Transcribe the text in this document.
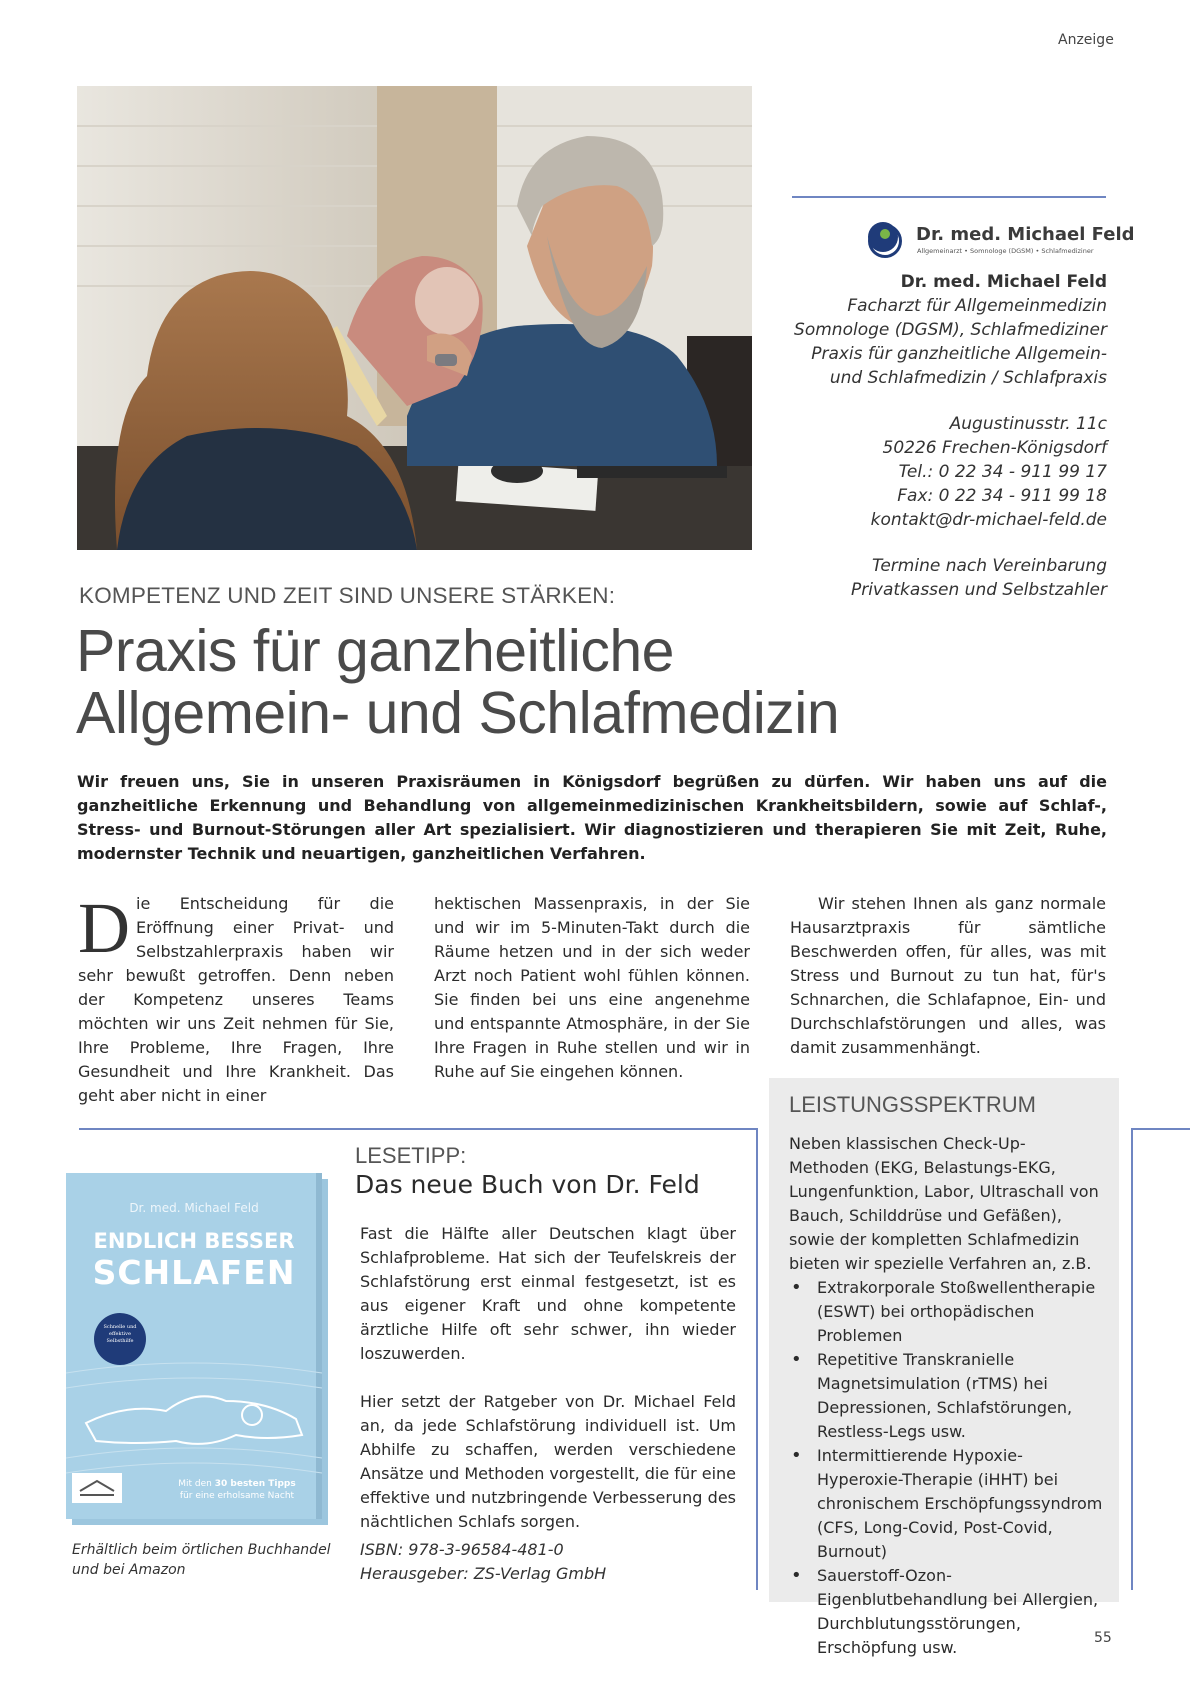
Anzeige
Dr. med. Michael Feld
Allgemeinarzt • Somnologe (DGSM) • Schlafmediziner
Dr. med. Michael Feld
Facharzt für Allgemeinmedizin
Somnologe (DGSM), Schlafmediziner
Praxis für ganzheitliche Allgemein-
und Schlafmedizin / Schlafpraxis
Augustinusstr. 11c
50226 Frechen-Königsdorf
Tel.: 0 22 34 - 911 99 17
Fax: 0 22 34 - 911 99 18
kontakt@dr-michael-feld.de
Termine nach Vereinbarung
Privatkassen und Selbstzahler
KOMPETENZ UND ZEIT SIND UNSERE STÄRKEN:
Praxis für ganzheitliche
Allgemein- und Schlafmedizin

Wir freuen uns, Sie in unseren Praxisräumen in Königsdorf begrüßen zu dürfen. Wir haben uns auf die ganzheitliche Erkennung und Behandlung von allgemeinmedizinischen Krankheitsbildern, sowie auf Schlaf-, Stress- und Burnout-Störungen aller Art spezialisiert. Wir diagnostizieren und therapieren Sie mit Zeit, Ruhe, modernster Technik und neuartigen, ganzheitlichen Verfahren.

Die Entscheidung für die Eröffnung einer Privat- und Selbstzahlerpraxis haben wir sehr bewußt getroffen. Denn neben der Kompetenz unseres Teams möchten wir uns Zeit nehmen für Sie, Ihre Probleme, Ihre Fragen, Ihre Gesundheit und Ihre Krankheit. Das geht aber nicht in einer

hektischen Massenpraxis, in der Sie und wir im 5-Minuten-Takt durch die Räume hetzen und in der sich weder Arzt noch Patient wohl fühlen können. Sie finden bei uns eine angenehme und entspannte Atmosphäre, in der Sie Ihre Fragen in Ruhe stellen und wir in Ruhe auf Sie eingehen können.

Wir stehen Ihnen als ganz normale Hausarztpraxis für sämtliche Beschwerden offen, für alles, was mit Stress und Burnout zu tun hat, für's Schnarchen, die Schlafapnoe, Ein- und Durchschlafstörungen und alles, was damit zusammenhängt.

LEISTUNGSSPEKTRUM
Neben klassischen Check-Up-Methoden (EKG, Belastungs-EKG, Lungenfunktion, Labor, Ultraschall von Bauch, Schilddrüse und Gefäßen), sowie der kompletten Schlafmedizin bieten wir spezielle Verfahren an, z.B.
• Extrakorporale Stoßwellentherapie (ESWT) bei orthopädischen Problemen
• Repetitive Transkranielle Magnetsimulation (rTMS) hei Depressionen, Schlafstörungen, Restless-Legs usw.
• Intermittierende Hypoxie-Hyperoxie-Therapie (iHHT) bei chronischem Erschöpfungssyndrom (CFS, Long-Covid, Post-Covid, Burnout)
• Sauerstoff-Ozon-Eigenblutbehandlung bei Allergien, Durchblutungsstörungen, Erschöpfung usw.
Dr. med. Michael Feld
ENDLICH BESSER
SCHLAFEN
Schnelle und effektive Selbsthilfe
Mit den 30 besten Tipps
für eine erholsame Nacht
Erhältlich beim örtlichen Buchhandel
und bei Amazon
LESETIPP:
Das neue Buch von Dr. Feld

Fast die Hälfte aller Deutschen klagt über Schlafprobleme. Hat sich der Teufelskreis der Schlafstörung erst einmal festgesetzt, ist es aus eigener Kraft und ohne kompetente ärztliche Hilfe oft sehr schwer, ihn wieder loszuwerden.

Hier setzt der Ratgeber von Dr. Michael Feld an, da jede Schlafstörung individuell ist. Um Abhilfe zu schaffen, werden verschiedene Ansätze und Methoden vorgestellt, die für eine effektive und nutzbringende Verbesserung des nächtlichen Schlafs sorgen.

ISBN: 978-3-96584-481-0
Herausgeber: ZS-Verlag GmbH
55
